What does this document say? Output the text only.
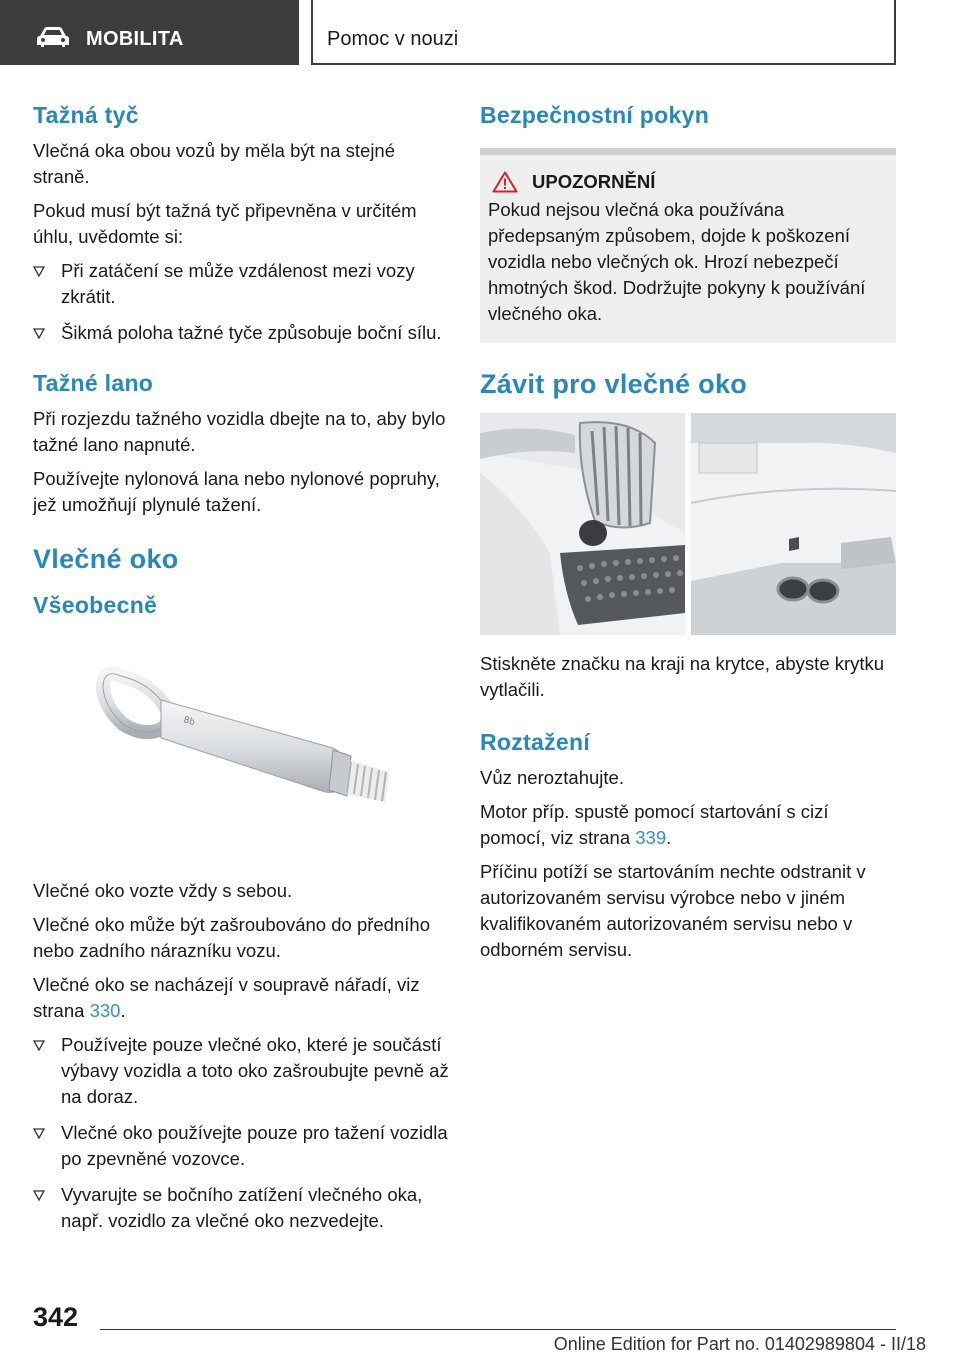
MOBILITA	Pomoc v nouzi
Tažná tyč

Vlečná oka obou vozů by měla být na stejné straně.

Pokud musí být tažná tyč připevněna v určitém úhlu, uvědomte si:

Při zatáčení se může vzdálenost mezi vozy zkrátit.
Šikmá poloha tažné tyče způsobuje boční sílu.
Tažné lano

Při rozjezdu tažného vozidla dbejte na to, aby bylo tažné lano napnuté.

Používejte nylonová lana nebo nylonové popruhy, jež umožňují plynulé tažení.

Vlečné oko
Všeobecně
8b

Vlečné oko vozte vždy s sebou.

Vlečné oko může být zašroubováno do předního nebo zadního nárazníku vozu.

Vlečné oko se nacházejí v soupravě nářadí, viz strana 330.

Používejte pouze vlečné oko, které je součástí výbavy vozidla a toto oko zašroubujte pevně až na doraz.
Vlečné oko používejte pouze pro tažení vozidla po zpevněné vozovce.
Vyvarujte se bočního zatížení vlečného oka, např. vozidlo za vlečné oko nezvedejte.
Bezpečnostní pokyn
UPOZORNĚNÍ

Pokud nejsou vlečná oka používána předepsaným způsobem, dojde k poškození vozidla nebo vlečných ok. Hrozí nebezpečí hmotných škod. Dodržujte pokyny k používání vlečného oka.

Závit pro vlečné oko

Stiskněte značku na kraji na krytce, abyste krytku vytlačili.

Roztažení

Vůz neroztahujte.

Motor příp. spustě pomocí startování s cizí pomocí, viz strana 339.

Příčinu potíží se startováním nechte odstranit v autorizovaném servisu výrobce nebo v jiném kvalifikovaném autorizovaném servisu nebo v odborném servisu.

342
Online Edition for Part no. 01402989804 - II/18
